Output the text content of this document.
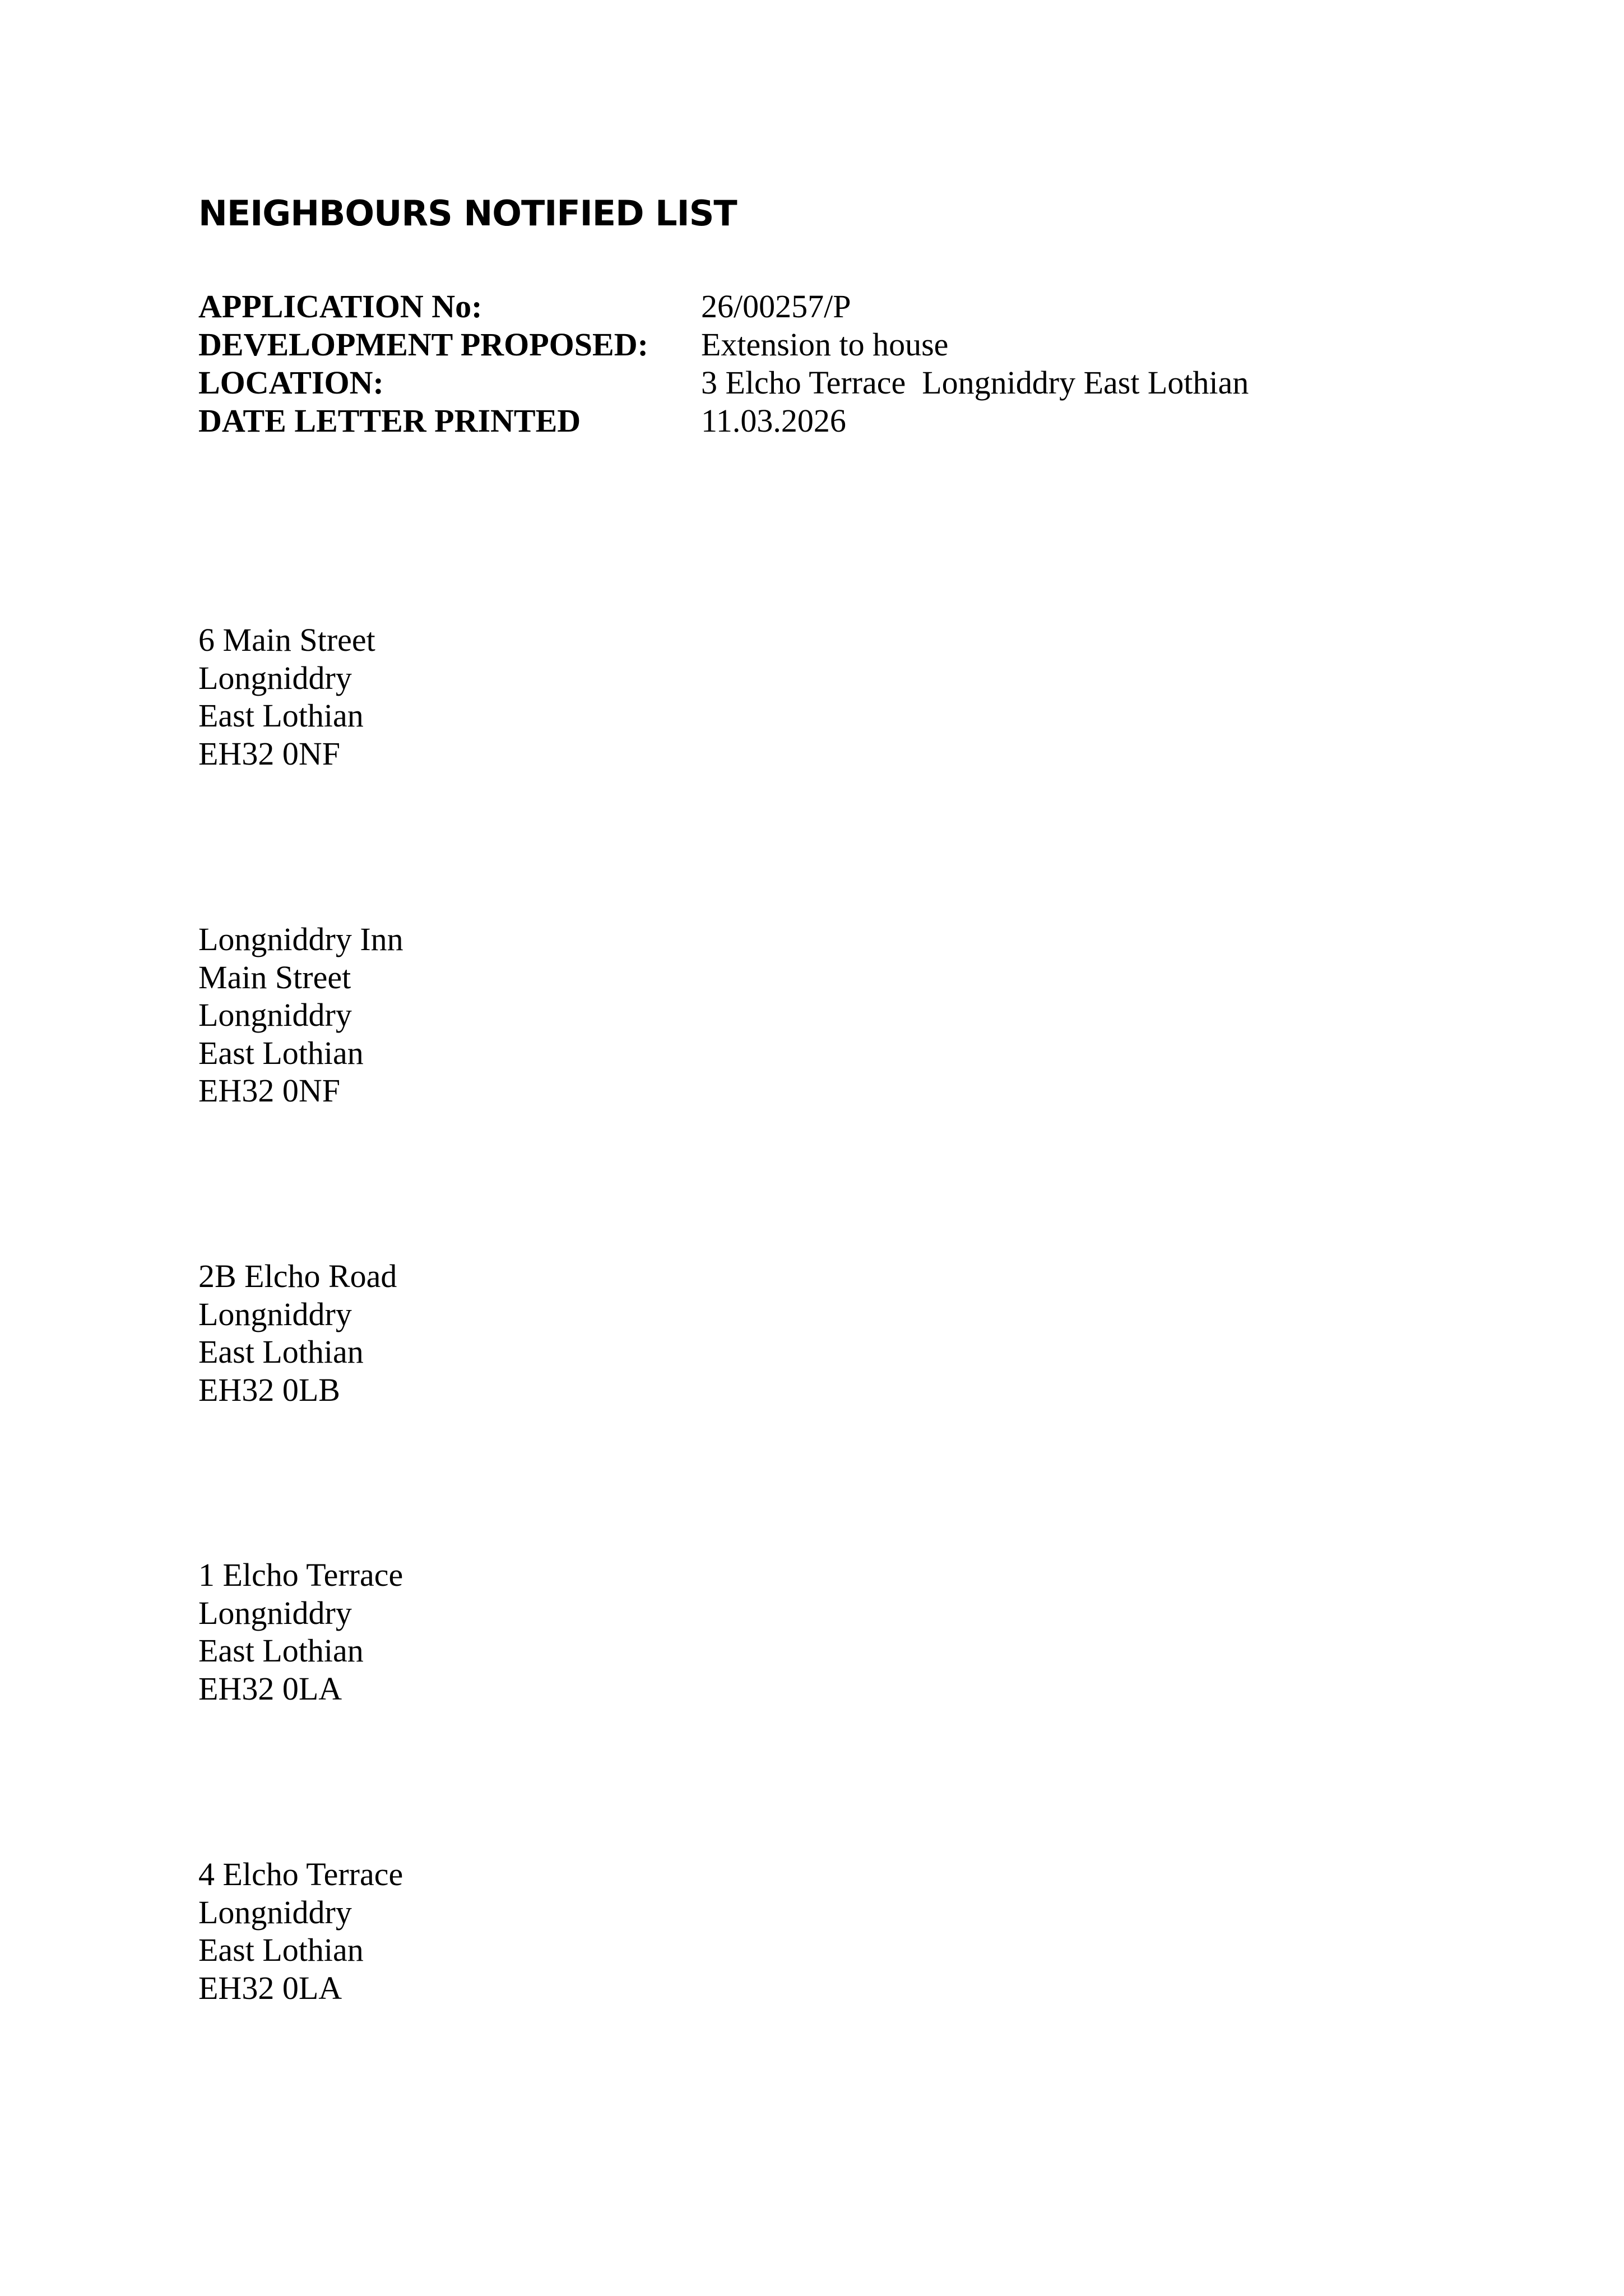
NEIGHBOURS NOTIFIED LIST
APPLICATION No:	26/00257/P
DEVELOPMENT PROPOSED: Extension to house
LOCATION:	3 Elcho Terrace  Longniddry East Lothian
DATE LETTER PRINTED	11.03.2026
6 Main Street
Longniddry
East Lothian
EH32 0NF
Longniddry Inn
Main Street
Longniddry
East Lothian
EH32 0NF
2B Elcho Road
Longniddry
East Lothian
EH32 0LB
1 Elcho Terrace
Longniddry
East Lothian
EH32 0LA
4 Elcho Terrace
Longniddry
East Lothian
EH32 0LA
